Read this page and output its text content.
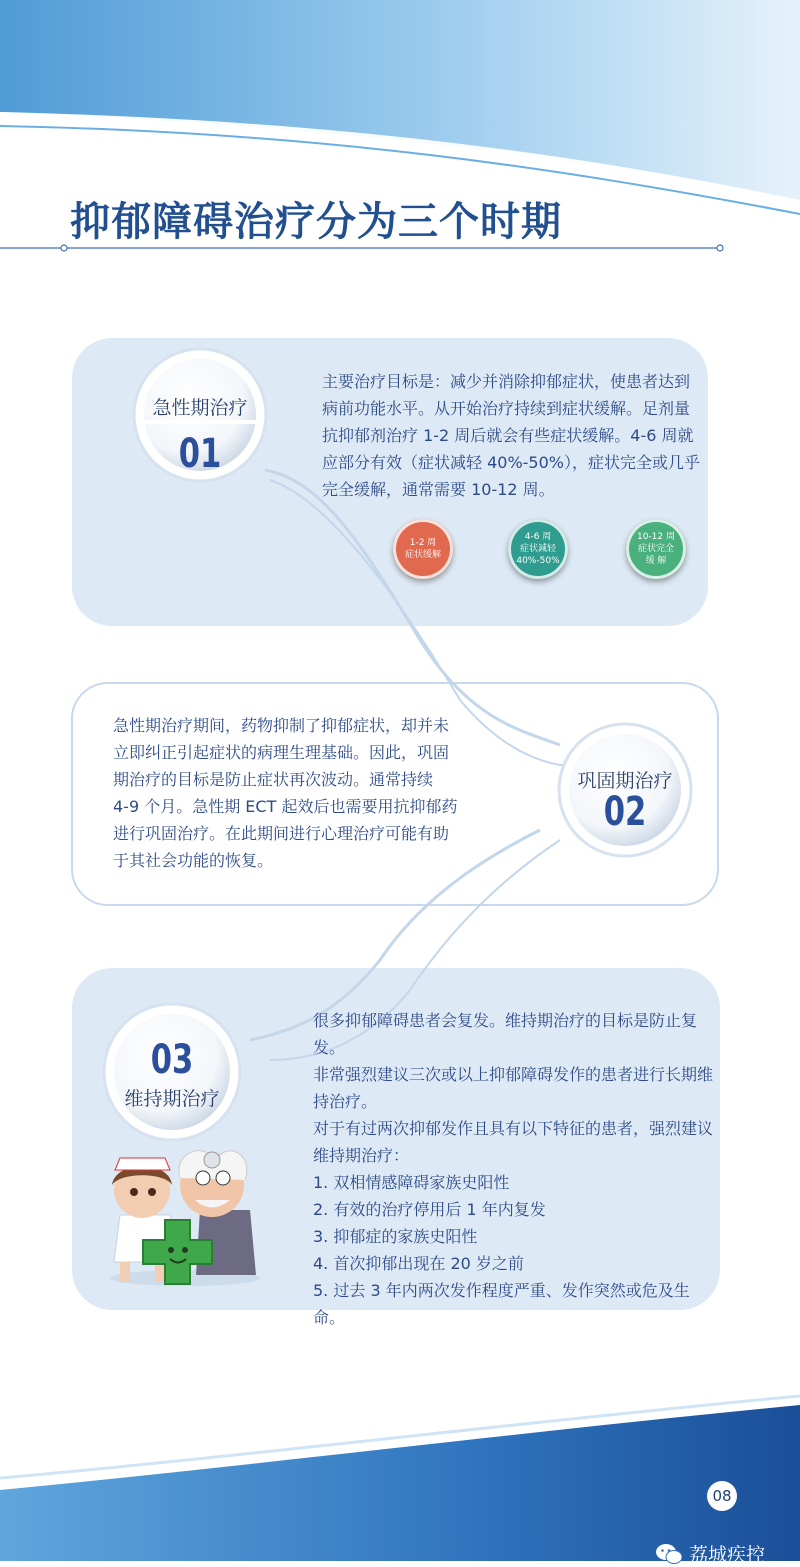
抑郁障碍治疗分为三个时期
急性期治疗
01

主要治疗目标是：减少并消除抑郁症状，使患者达到

病前功能水平。从开始治疗持续到症状缓解。足剂量

抗抑郁剂治疗 1-2 周后就会有些症状缓解。4-6 周就

应部分有效（症状减轻 40%-50%），症状完全或几乎

完全缓解，通常需要 10-12 周。

1-2 周
症状缓解
4-6 周
症状减轻
40%-50%
10-12 周
症状完全
缓 解

急性期治疗期间，药物抑制了抑郁症状，却并未

立即纠正引起症状的病理生理基础。因此，巩固

期治疗的目标是防止症状再次波动。通常持续

4-9 个月。急性期 ECT 起效后也需要用抗抑郁药

进行巩固治疗。在此期间进行心理治疗可能有助

于其社会功能的恢复。

巩固期治疗
02
03
维持期治疗

很多抑郁障碍患者会复发。维持期治疗的目标是防止复发。

非常强烈建议三次或以上抑郁障碍发作的患者进行长期维

持治疗。

对于有过两次抑郁发作且具有以下特征的患者，强烈建议

维持期治疗：

1. 双相情感障碍家族史阳性
2. 有效的治疗停用后 1 年内复发
3. 抑郁症的家族史阳性
4. 首次抑郁出现在 20 岁之前
5. 过去 3 年内两次发作程度严重、发作突然或危及生命。
08
荔城疾控
